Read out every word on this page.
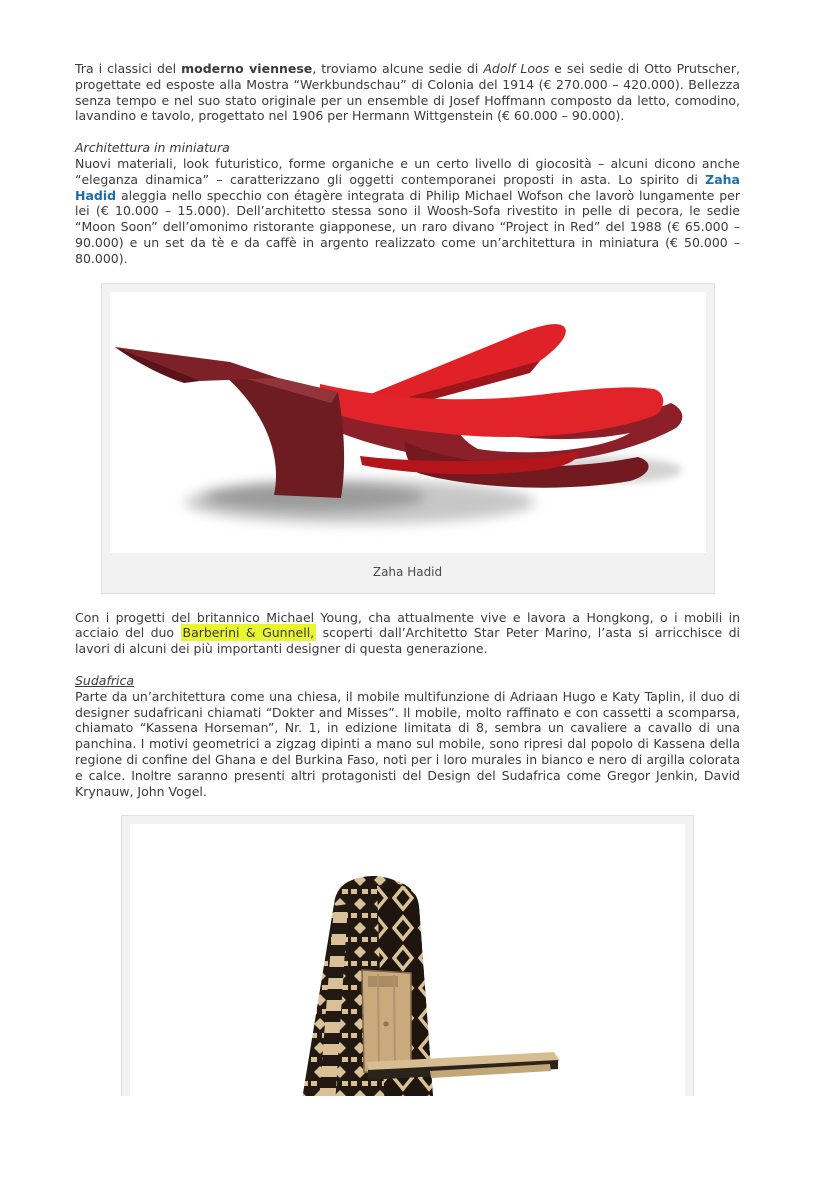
Tra i classici del moderno viennese, troviamo alcune sedie di Adolf Loos e sei sedie di Otto Prutscher, progettate ed esposte alla Mostra “Werkbundschau” di Colonia del 1914 (€ 270.000 – 420.000). Bellezza senza tempo e nel suo stato originale per un ensemble di Josef Hoffmann composto da letto, comodino, lavandino e tavolo, progettato nel 1906 per Hermann Wittgenstein (€ 60.000 – 90.000).

Architettura in miniatura

Nuovi materiali, look futuristico, forme organiche e un certo livello di giocosità – alcuni dicono anche “eleganza dinamica” – caratterizzano gli oggetti contemporanei proposti in asta. Lo spirito di Zaha Hadid aleggia nello specchio con étagère integrata di Philip Michael Wofson che lavorò lungamente per lei (€ 10.000 – 15.000). Dell’architetto stessa sono il Woosh-Sofa rivestito in pelle di pecora, le sedie “Moon Soon” dell’omonimo ristorante giapponese, un raro divano “Project in Red” del 1988 (€ 65.000 – 90.000) e un set da tè e da caffè in argento realizzato come un’architettura in miniatura (€ 50.000 – 80.000).

Zaha Hadid

Con i progetti del britannico Michael Young, cha attualmente vive e lavora a Hongkong, o i mobili in acciaio del duo Barberini & Gunnell, scoperti dall’Architetto Star Peter Marino, l’asta si arricchisce di lavori di alcuni dei più importanti designer di questa generazione.

Sudafrica

Parte da un’architettura come una chiesa, il mobile multifunzione di Adriaan Hugo e Katy Taplin, il duo di designer sudafricani chiamati “Dokter and Misses”. Il mobile, molto raffinato e con cassetti a scomparsa, chiamato “Kassena Horseman”, Nr. 1, in edizione limitata di 8, sembra un cavaliere a cavallo di una panchina. I motivi geometrici a zigzag dipinti a mano sul mobile, sono ripresi dal popolo di Kassena della regione di confine del Ghana e del Burkina Faso, noti per i loro murales in bianco e nero di argilla colorata e calce. Inoltre saranno presenti altri protagonisti del Design del Sudafrica come Gregor Jenkin, David Krynauw, John Vogel.
